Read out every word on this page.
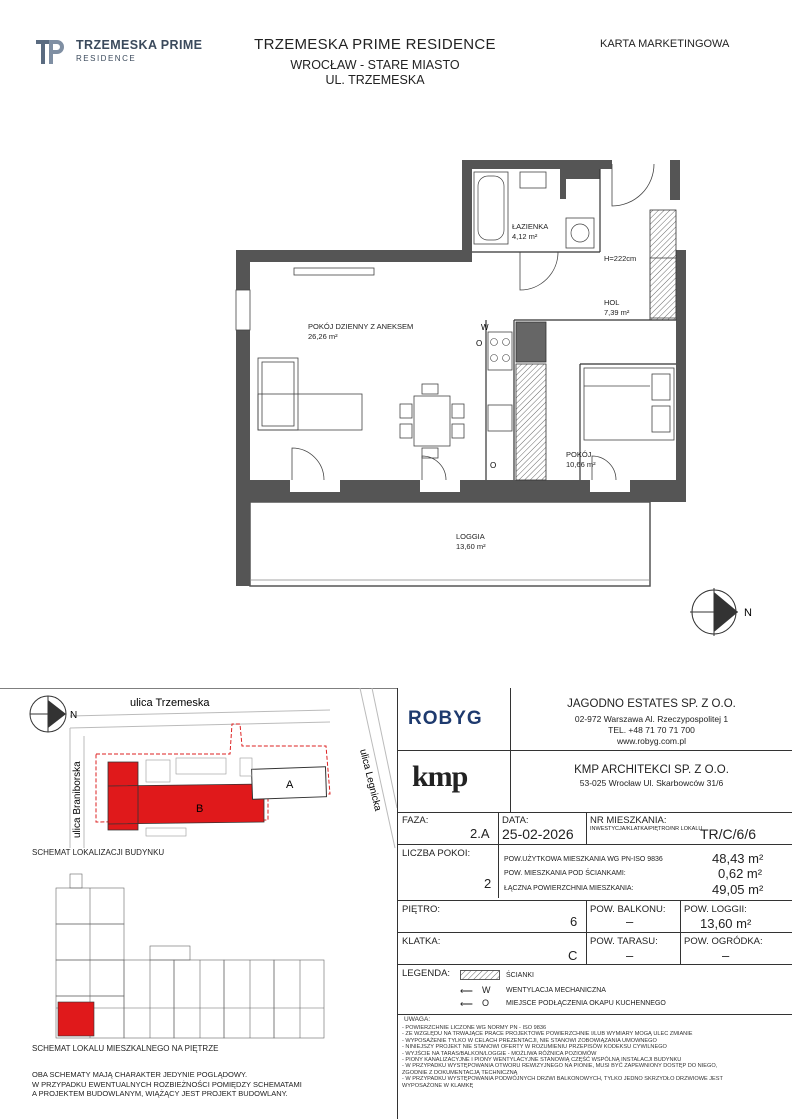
TRZEMESKA PRIME
RESIDENCE
TRZEMESKA PRIME RESIDENCE
WROCŁAW - STARE MIASTO
UL. TRZEMESKA
KARTA MARKETINGOWA
W
O
O
N
ŁAZIENKA
4,12 m²
H=222cm
HOL
7,39 m²
POKÓJ DZIENNY Z ANEKSEM
26,26 m²
POKÓJ
10,66 m²
LOGGIA
13,60 m²
B
A
N
ulica Trzemeska
ulica Braniborska	ulica Legnicka
SCHEMAT LOKALIZACJI BUDYNKU
SCHEMAT LOKALU MIESZKALNEGO NA PIĘTRZE
OBA SCHEMATY MAJĄ CHARAKTER JEDYNIE POGLĄDOWY.
W PRZYPADKU EWENTUALNYCH ROZBIEŻNOŚCI POMIĘDZY SCHEMATAMI
A PROJEKTEM BUDOWLANYM, WIĄŻĄCY JEST PROJEKT BUDOWLANY.
ROBYG
JAGODNO ESTATES SP. Z O.O.
02-972 Warszawa Al. Rzeczypospolitej 1
TEL. +48 71 70 71 700
www.robyg.com.pl
kmp	KMP ARCHITEKCI SP. Z O.O.
53-025 Wrocław Ul. Skarbowców 31/6
FAZA:
2.A
DATA:
25-02-2026
NR MIESZKANIA:
INWESTYCJA/KLATKA/PIĘTRO/NR LOKALU
TR/C/6/6
LICZBA POKOI:
2
POW.UŻYTKOWA MIESZKANIA WG PN-ISO 9836	48,43 m²
POW. MIESZKANIA POD ŚCIANKAMI:	0,62 m²
ŁĄCZNA POWIERZCHNIA MIESZKANIA:	49,05 m²
PIĘTRO:
6
POW. BALKONU:
–
POW. LOGGII:
13,60 m²
KLATKA:
C
POW. TARASU:
–
POW. OGRÓDKA:
–
LEGENDA:	ŚCIANKI
⟵ W WENTYLACJA MECHANICZNA
⟵ O MIEJSCE PODŁĄCZENIA OKAPU KUCHENNEGO
UWAGA:
- POWIERZCHNIE LICZONE WG NORMY PN - ISO 9836
- ZE WZGLĘDU NA TRWAJĄCE PRACE PROJEKTOWE POWIERZCHNIE I/LUB WYMIARY MOGĄ ULEC ZMIANIE
- WYPOSAŻENIE TYLKO W CELACH PREZENTACJI, NIE STANOWI ZOBOWIĄZANIA UMOWNEGO
- NINIEJSZY PROJEKT NIE STANOWI OFERTY W ROZUMIENIU PRZEPISÓW KODEKSU CYWILNEGO
- WYJŚCIE NA TARAS/BALKON/LOGGIE - MOŻLIWA RÓŻNICA POZIOMÓW
- PIONY KANALIZACYJNE I PIONY WENTYLACYJNE STANOWIĄ CZĘŚĆ WSPÓLNĄ INSTALACJI BUDYNKU
- W PRZYPADKU WYSTĘPOWANIA OTWORU REWIZYJNEGO NA PIONIE, MUSI BYĆ ZAPEWNIONY DOSTĘP DO NIEGO,
ZGODNIE Z DOKUMENTACJĄ TECHNICZNĄ
- W PRZYPADKU WYSTĘPOWANIA PODWÓJNYCH DRZWI BALKONOWYCH, TYLKO JEDNO SKRZYDŁO DRZWIOWE JEST
WYPOSAŻONE W KLAMKĘ
